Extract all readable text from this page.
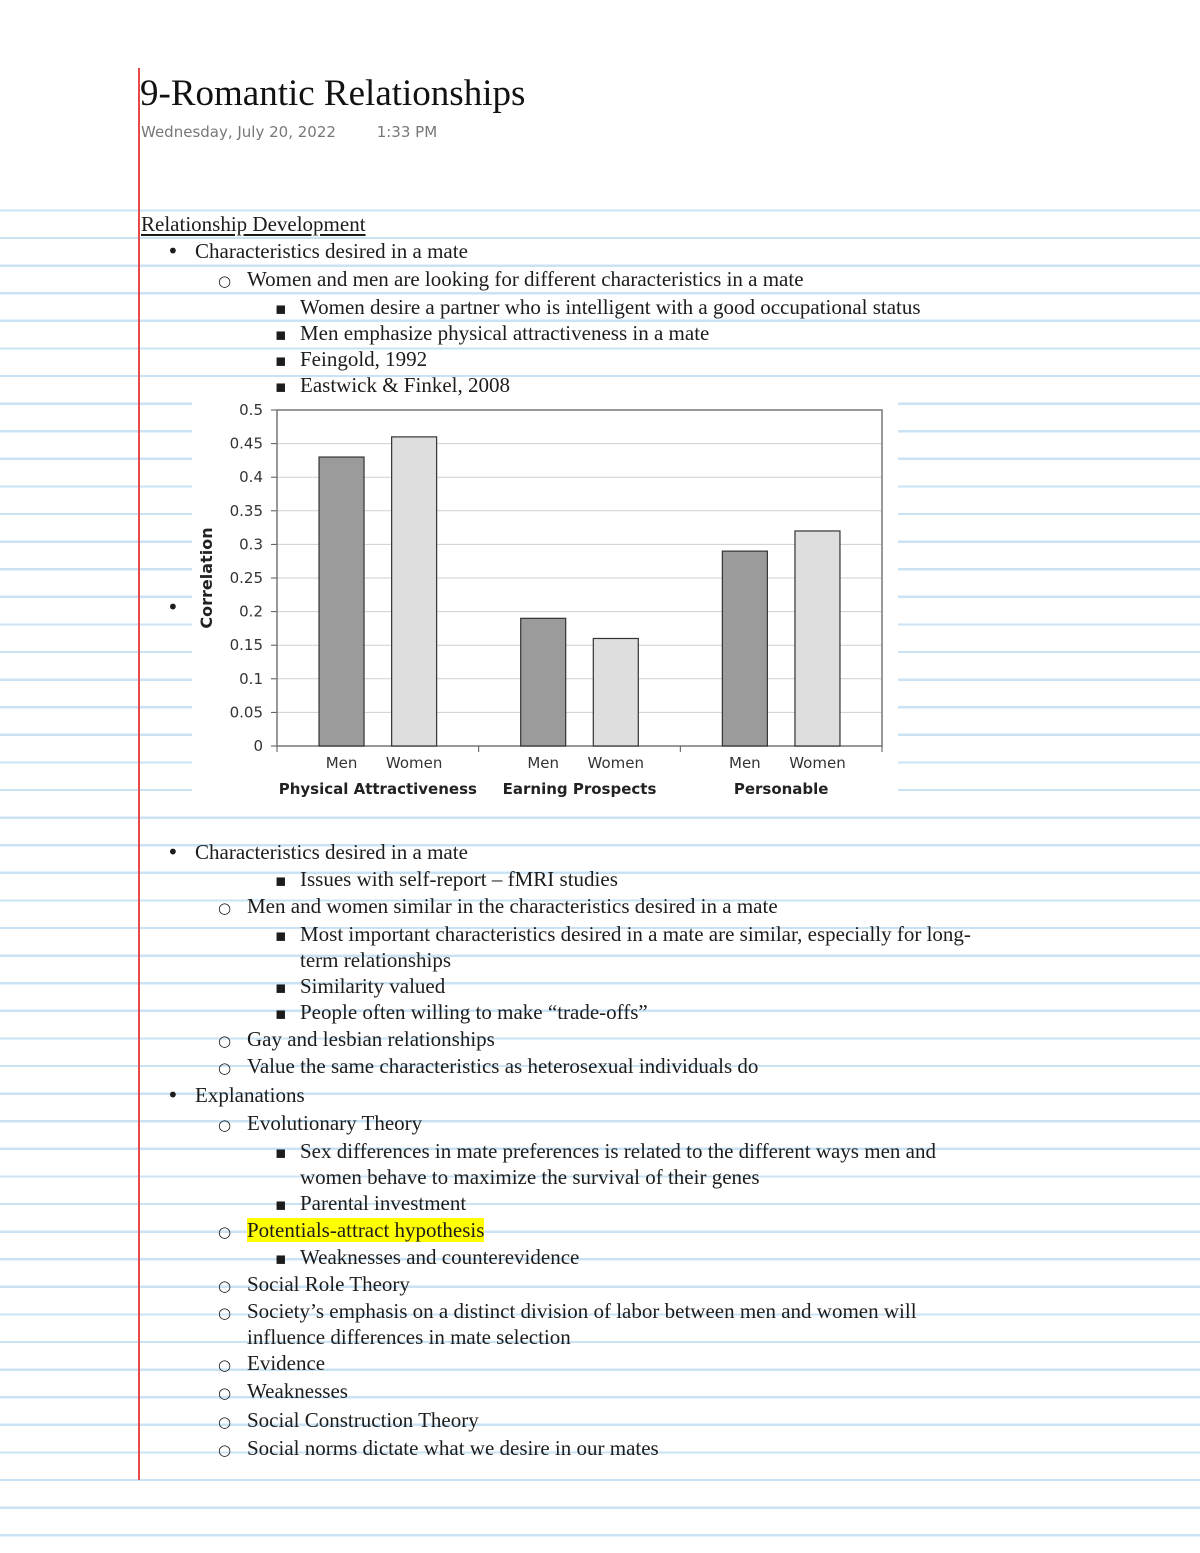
9-Romantic Relationships
Wednesday, July 20, 2022	1:33 PM
Relationship Development
•
Characteristics desired in a mate
○
Women and men are looking for different characteristics in a mate
▪
Women desire a partner who is intelligent with a good occupational status
▪
Men emphasize physical attractiveness in a mate
▪
Feingold, 1992
▪
Eastwick & Finkel, 2008
•
0
0.05
0.1
0.15
0.2
0.25
0.3
0.35
0.4
0.45
0.5
Men Women
Physical Attractiveness
Men Women
Earning Prospects
Men Women
Personable
Correlation
•
Characteristics desired in a mate
▪
Issues with self-report – fMRI studies
○
Men and women similar in the characteristics desired in a mate
▪
Most important characteristics desired in a mate are similar, especially for long-
term relationships
▪
Similarity valued
▪
People often willing to make “trade-offs”
○
Gay and lesbian relationships
○
Value the same characteristics as heterosexual individuals do
•
Explanations
○
Evolutionary Theory
▪
Sex differences in mate preferences is related to the different ways men and
women behave to maximize the survival of their genes
▪
Parental investment
○
Potentials-attract hypothesis
▪
Weaknesses and counterevidence
○
Social Role Theory
○
Society’s emphasis on a distinct division of labor between men and women will
influence differences in mate selection
○
Evidence
○
Weaknesses
○
Social Construction Theory
○
Social norms dictate what we desire in our mates
